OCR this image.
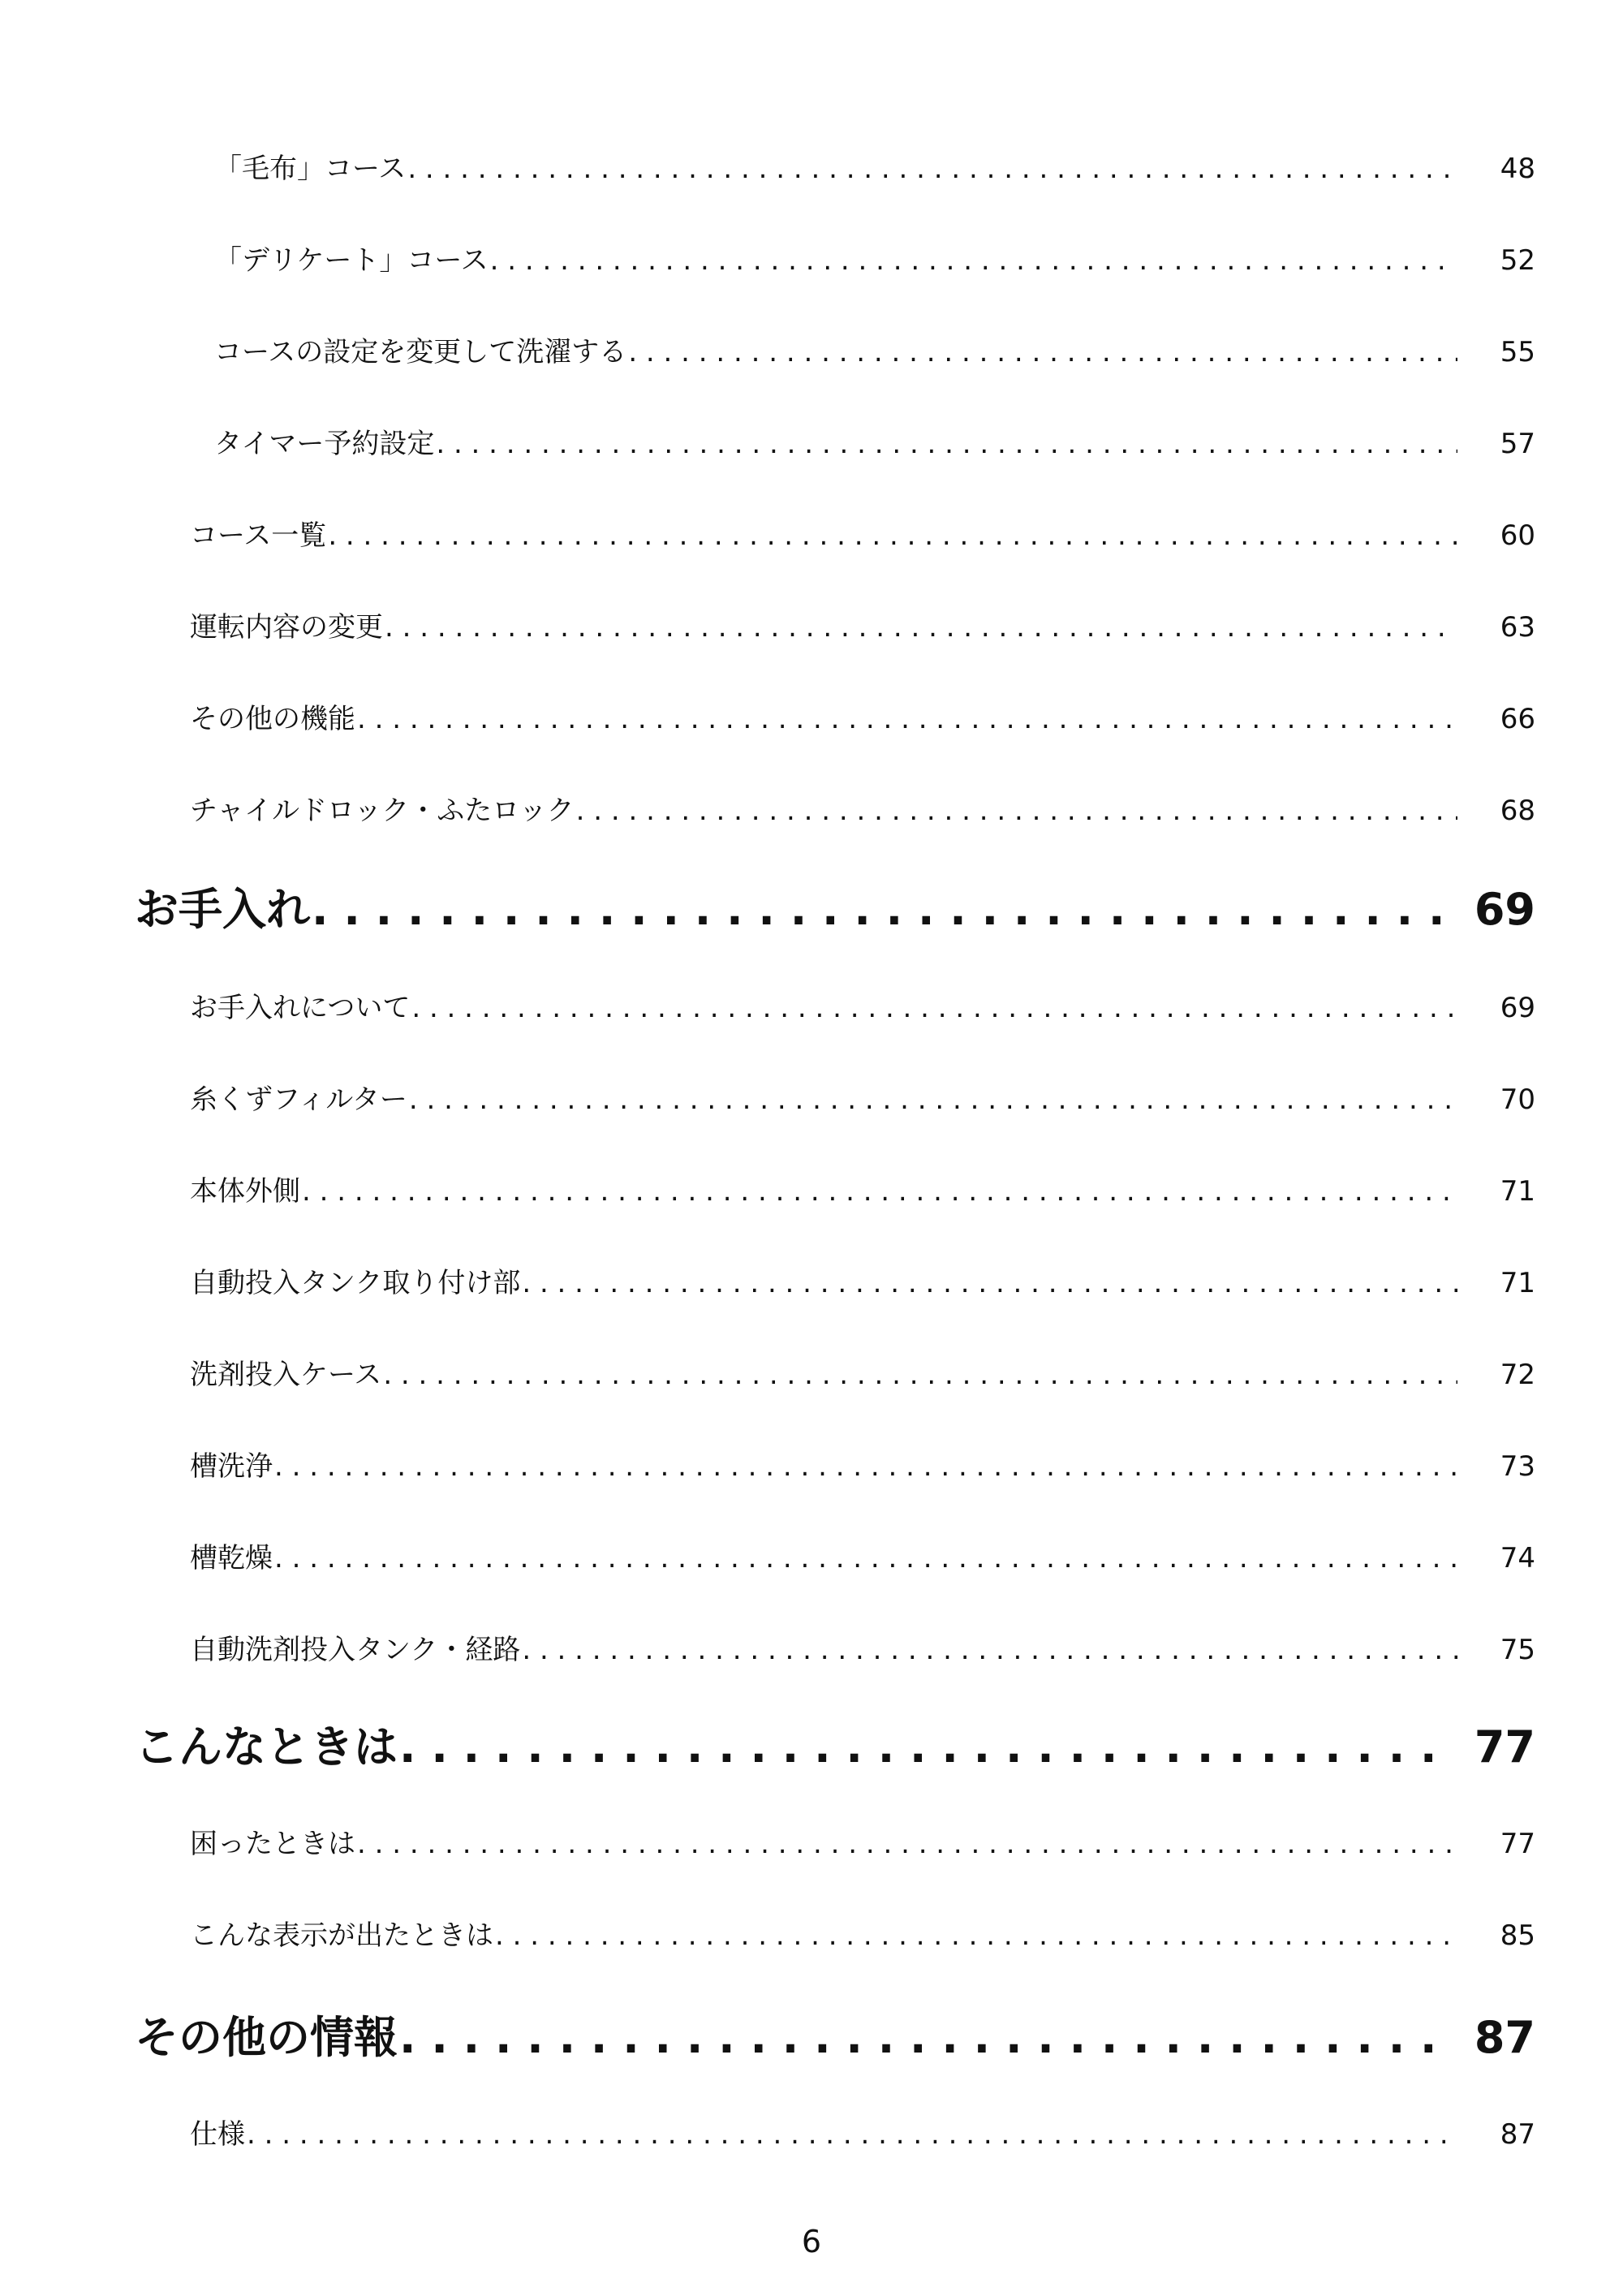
「毛布」コース . . .	48
「デリケート」コース . . .	52
コースの設定を変更して洗濯する . . .	55
タイマー予約設定 . . .	57
コース一覧 . . .	60
運転内容の変更 . . .	63
その他の機能 . . .	66
チャイルドロック・ふたロック . . .	68
お手入れ . . .	69
お手入れについて . . .	69
糸くずフィルター . . .	70
本体外側 . . .	71
自動投入タンク取り付け部 . . .	71
洗剤投入ケース . . .	72
槽洗浄 . . .	73
槽乾燥 . . .	74
自動洗剤投入タンク・経路 . . .	75
こんなときは . . .	77
困ったときは . . .	77
こんな表示が出たときは . . .	85
その他の情報 . . .	87
仕様 . . .	87
6
